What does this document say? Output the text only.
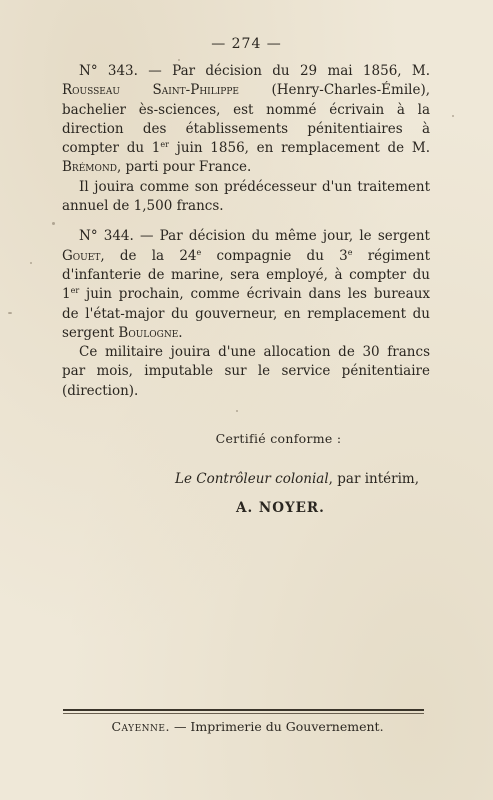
— 274 —

N° 343. — Par décision du 29 mai 1856, M. Rousseau Saint-Philippe (Henry-Charles-Émile), bachelier ès-sciences, est nommé écrivain à la direction des établissements pénitentiaires à compter du 1er juin 1856, en remplacement de M. Brémond, parti pour France.

Il jouira comme son prédécesseur d'un traitement annuel de 1,500 francs.

N° 344. — Par décision du même jour, le sergent Gouet, de la 24e compagnie du 3e régiment d'infanterie de marine, sera employé, à compter du 1er juin prochain, comme écrivain dans les bureaux de l'état-major du gouverneur, en remplacement du sergent Boulogne.

Ce militaire jouira d'une allocation de 30 francs par mois, imputable sur le service pénitentiaire (direction).

Certifié conforme :
Le Contrôleur colonial, par intérim,
A. NOYER.
Cayenne. — Imprimerie du Gouvernement.
